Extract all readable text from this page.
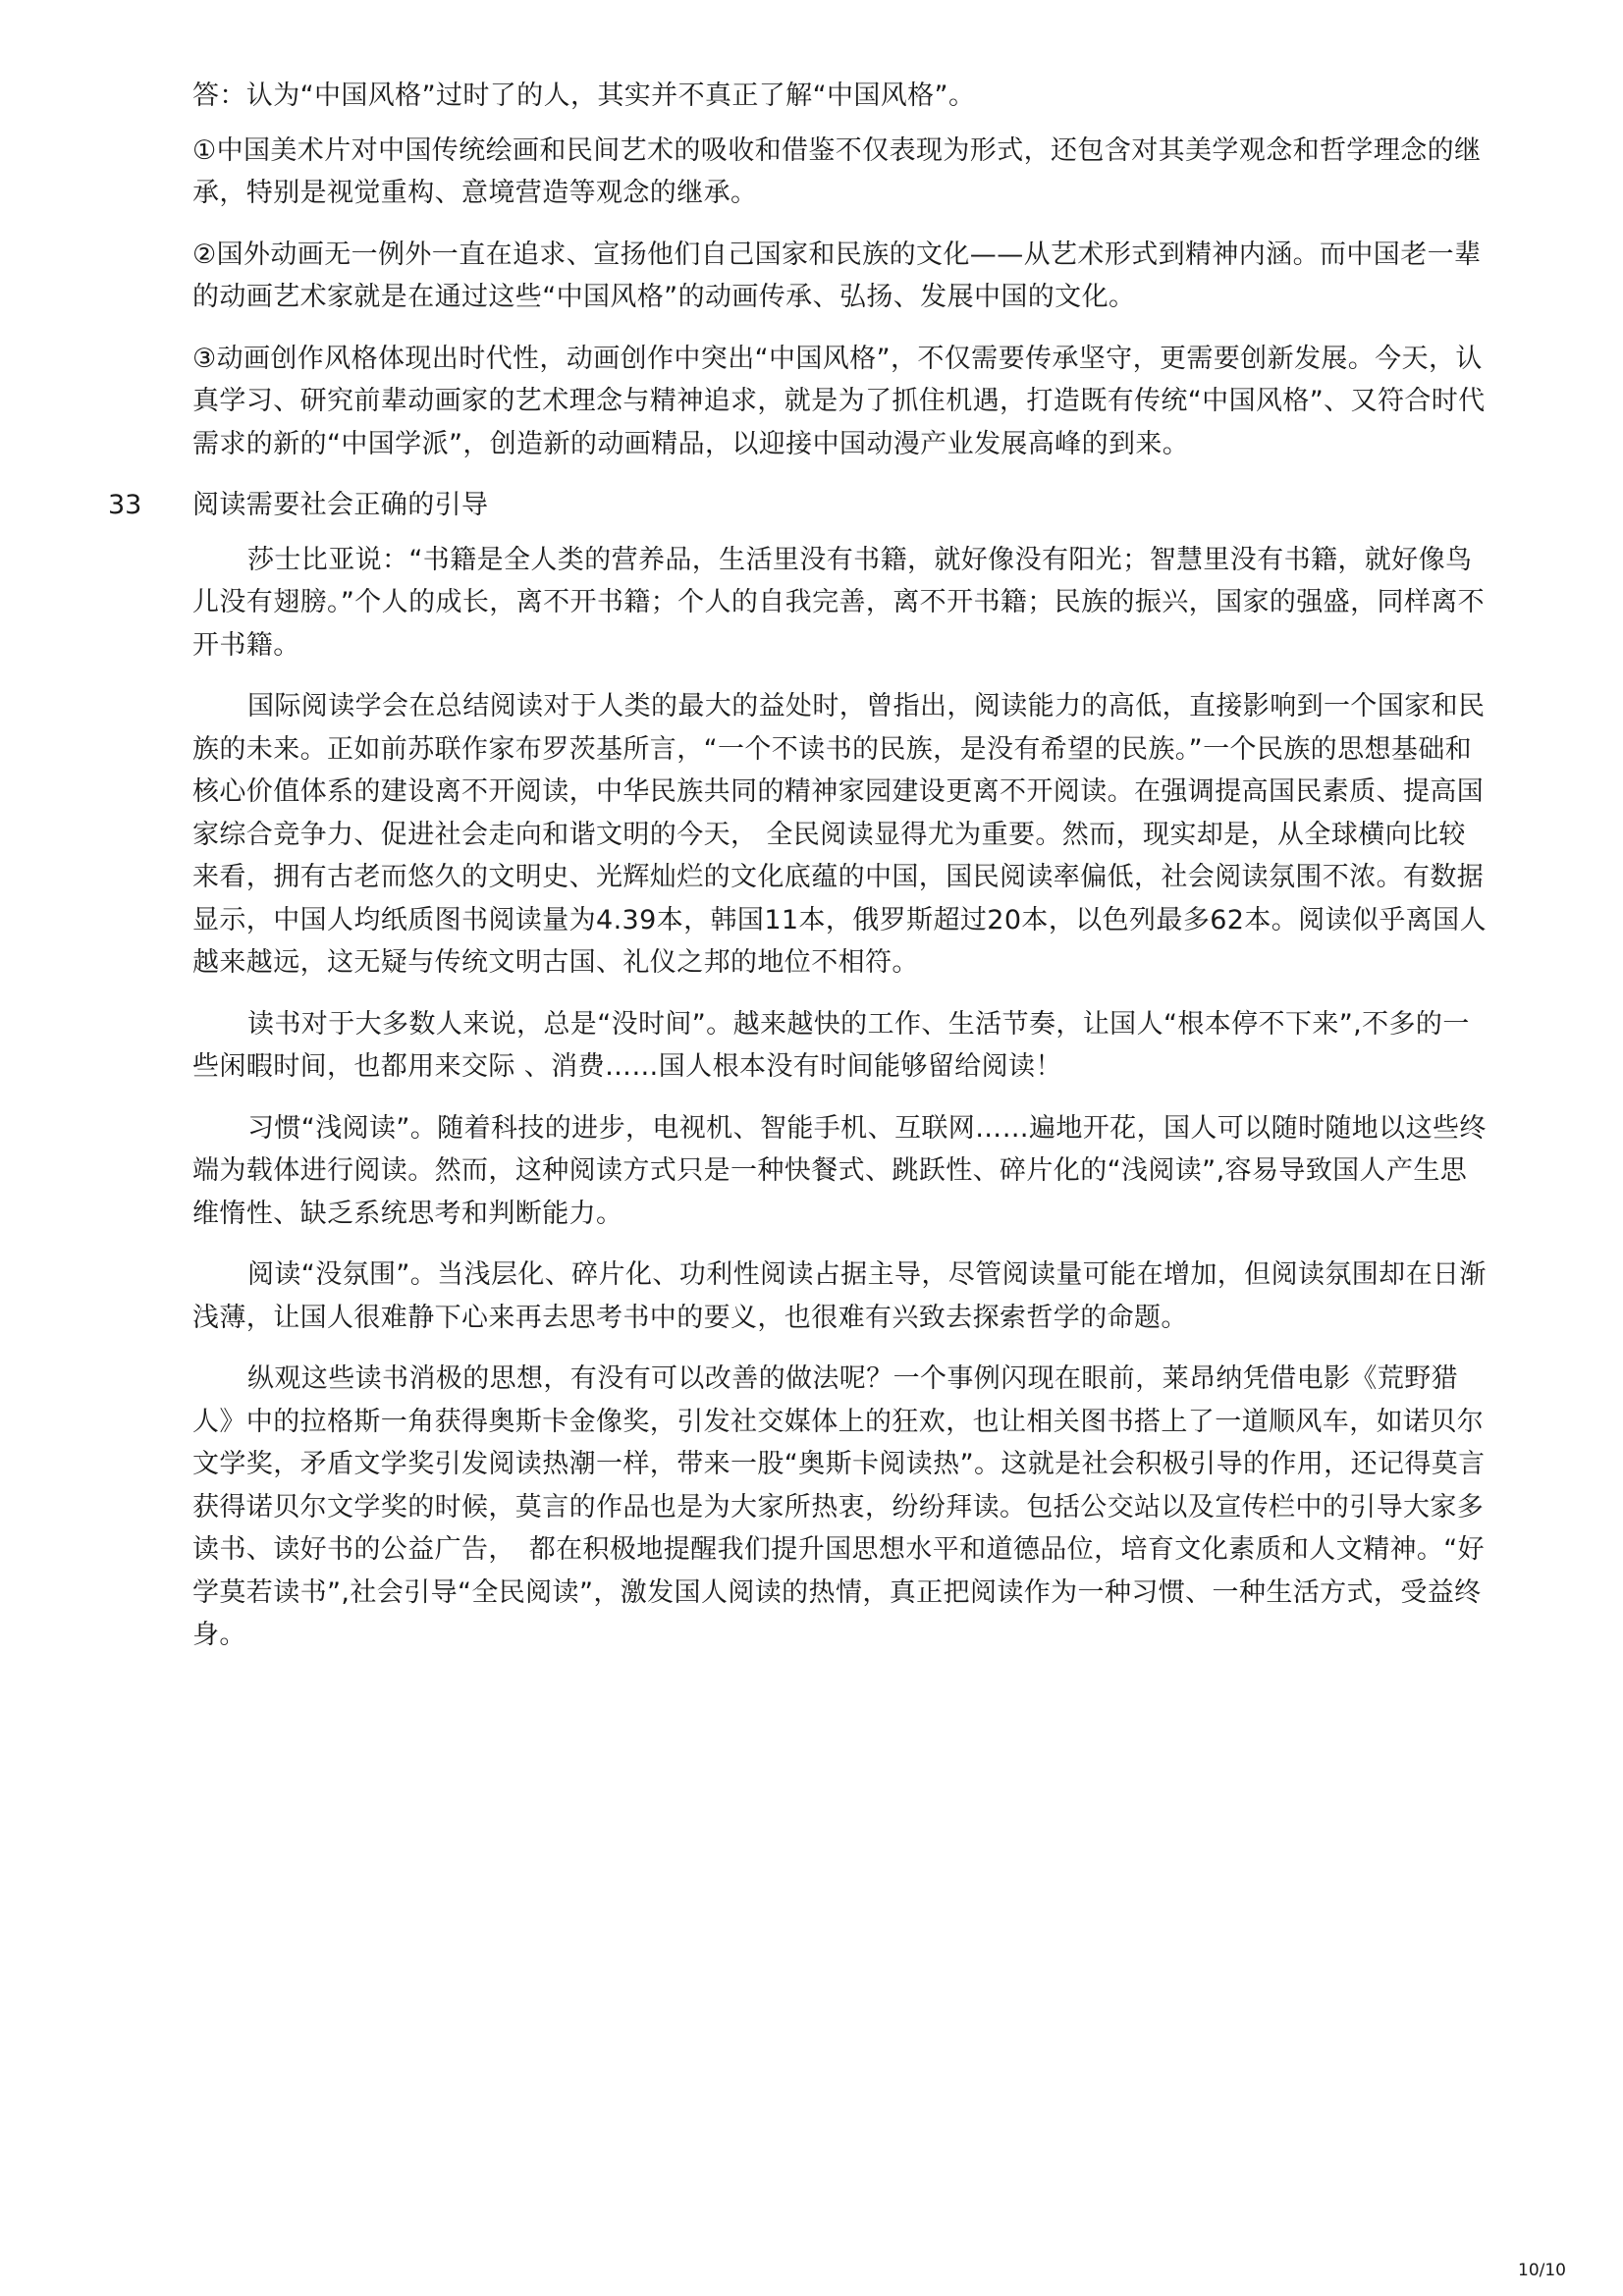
答：认为“中国风格”过时了的人，其实并不真正了解“中国风格”。

①中国美术片对中国传统绘画和民间艺术的吸收和借鉴不仅表现为形式，还包含对其美学观念和哲学理念的继承，特别是视觉重构、意境营造等观念的继承。

②国外动画无一例外一直在追求、宣扬他们自己国家和民族的文化——从艺术形式到精神内涵。而中国老一辈的动画艺术家就是在通过这些“中国风格”的动画传承、弘扬、发展中国的文化。

③动画创作风格体现出时代性，动画创作中突出“中国风格”，不仅需要传承坚守，更需要创新发展。今天，认真学习、研究前辈动画家的艺术理念与精神追求，就是为了抓住机遇，打造既有传统“中国风格”、又符合时代需求的新的“中国学派”，创造新的动画精品，以迎接中国动漫产业发展高峰的到来。

33 阅读需要社会正确的引导

莎士比亚说：“书籍是全人类的营养品，生活里没有书籍，就好像没有阳光；智慧里没有书籍，就好像鸟儿没有翅膀。”个人的成长，离不开书籍；个人的自我完善，离不开书籍；民族的振兴，国家的强盛，同样离不开书籍。

国际阅读学会在总结阅读对于人类的最大的益处时，曾指出，阅读能力的高低，直接影响到一个国家和民族的未来。正如前苏联作家布罗茨基所言，“一个不读书的民族，是没有希望的民族。”一个民族的思想基础和核心价值体系的建设离不开阅读，中华民族共同的精神家园建设更离不开阅读。在强调提高国民素质、提高国家综合竞争力、促进社会走向和谐文明的今天， 全民阅读显得尤为重要。然而，现实却是，从全球横向比较来看，拥有古老而悠久的文明史、光辉灿烂的文化底蕴的中国，国民阅读率偏低，社会阅读氛围不浓。有数据显示，中国人均纸质图书阅读量为4.39本，韩国11本，俄罗斯超过20本，以色列最多62本。阅读似乎离国人越来越远，这无疑与传统文明古国、礼仪之邦的地位不相符。

读书对于大多数人来说，总是“没时间”。越来越快的工作、生活节奏，让国人“根本停不下来”,不多的一些闲暇时间，也都用来交际 、消费……国人根本没有时间能够留给阅读！

习惯“浅阅读”。随着科技的进步，电视机、智能手机、互联网……遍地开花，国人可以随时随地以这些终端为载体进行阅读。然而，这种阅读方式只是一种快餐式、跳跃性、碎片化的“浅阅读”,容易导致国人产生思维惰性、缺乏系统思考和判断能力。

阅读“没氛围”。当浅层化、碎片化、功利性阅读占据主导，尽管阅读量可能在增加，但阅读氛围却在日渐浅薄，让国人很难静下心来再去思考书中的要义，也很难有兴致去探索哲学的命题。

纵观这些读书消极的思想，有没有可以改善的做法呢？一个事例闪现在眼前，莱昂纳凭借电影《荒野猎人》中的拉格斯一角获得奥斯卡金像奖，引发社交媒体上的狂欢，也让相关图书搭上了一道顺风车，如诺贝尔文学奖，矛盾文学奖引发阅读热潮一样，带来一股“奥斯卡阅读热”。这就是社会积极引导的作用，还记得莫言获得诺贝尔文学奖的时候，莫言的作品也是为大家所热衷，纷纷拜读。包括公交站以及宣传栏中的引导大家多读书、读好书的公益广告，　都在积极地提醒我们提升国思想水平和道德品位，培育文化素质和人文精神。“好学莫若读书”,社会引导“全民阅读”，激发国人阅读的热情，真正把阅读作为一种习惯、一种生活方式，受益终身。

10/10
